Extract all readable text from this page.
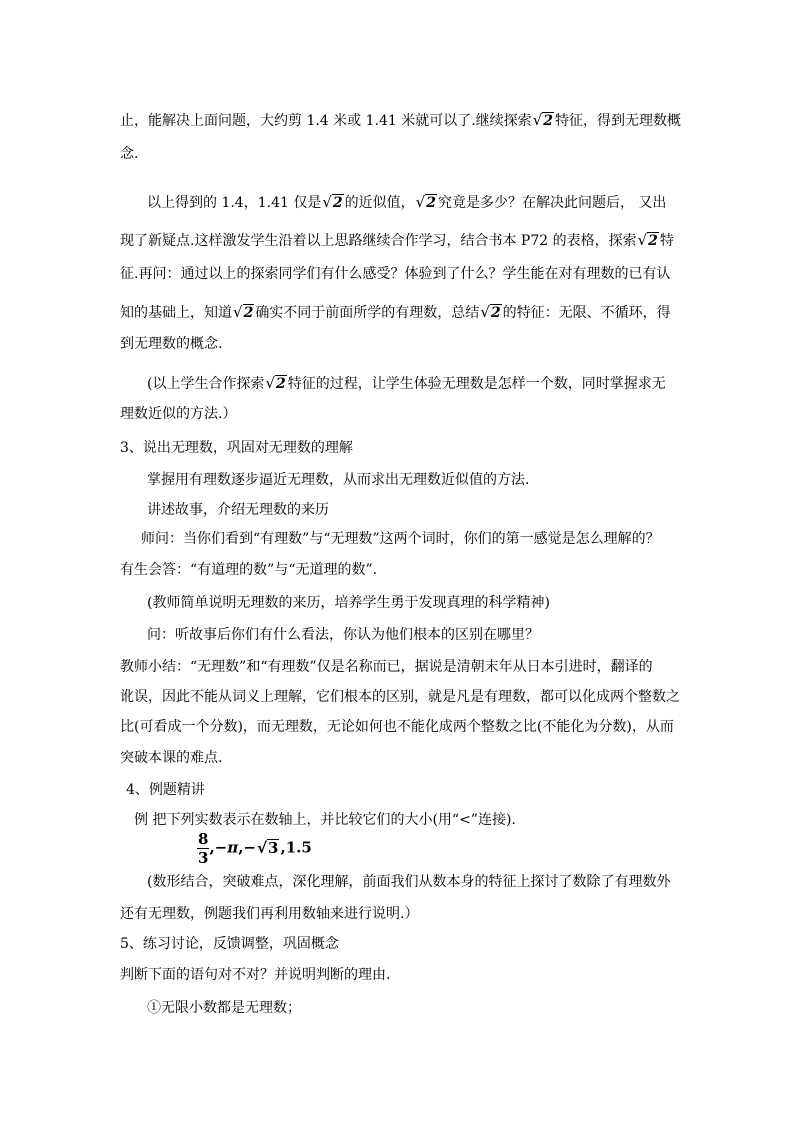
止，能解决上面问题，大约剪 1.4 米或 1.41 米就可以了.继续探索√2 特征，得到无理数概
念.
以上得到的 1.4，1.41 仅是√2 的近似值，√2 究竟是多少？在解决此问题后， 又出
现了新疑点.这样激发学生沿着以上思路继续合作学习，结合书本 P72 的表格，探索√2 特
征.再问：通过以上的探索同学们有什么感受？体验到了什么？学生能在对有理数的已有认
知的基础上，知道√2 确实不同于前面所学的有理数，总结√2 的特征：无限、不循环，得
到无理数的概念.
(以上学生合作探索√2 特征的过程，让学生体验无理数是怎样一个数，同时掌握求无
理数近似的方法.）
3、说出无理数，巩固对无理数的理解
掌握用有理数逐步逼近无理数，从而求出无理数近似值的方法.
讲述故事，介绍无理数的来历
师问：当你们看到“有理数”与“无理数”这两个词时，你们的第一感觉是怎么理解的？
有生会答：“有道理的数”与“无道理的数”.
(教师简单说明无理数的来历，培养学生勇于发现真理的科学精神)
问：听故事后你们有什么看法，你认为他们根本的区别在哪里？
教师小结：“无理数”和“有理数”仅是名称而已，据说是清朝末年从日本引进时，翻译的
讹误，因此不能从词义上理解，它们根本的区别，就是凡是有理数，都可以化成两个整数之
比(可看成一个分数)，而无理数，无论如何也不能化成两个整数之比(不能化为分数)，从而
突破本课的难点.
4、例题精讲
例 把下列实数表示在数轴上，并比较它们的大小(用“<”连接).
$\frac{8}{3} ,-\pi,-√3$ ,1.5
(数形结合，突破难点，深化理解，前面我们从数本身的特征上探讨了数除了有理数外
还有无理数，例题我们再利用数轴来进行说明.）
5、练习讨论，反馈调整，巩固概念
判断下面的语句对不对？并说明判断的理由.
①无限小数都是无理数；
